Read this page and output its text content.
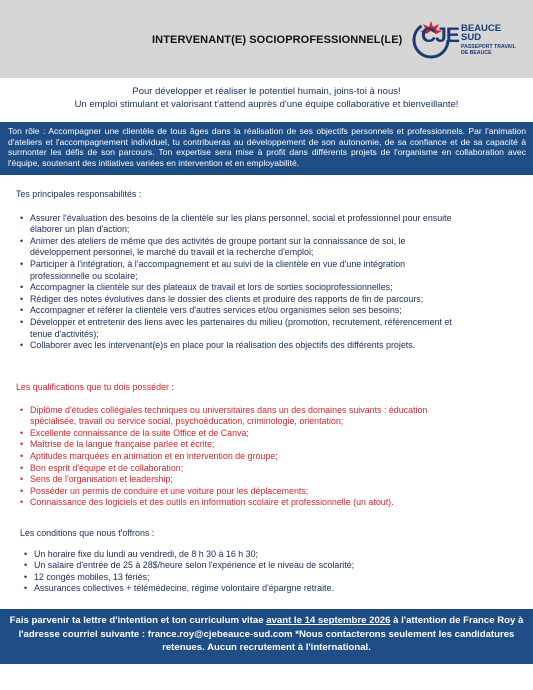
INTERVENANT(E) SOCIOPROFESSIONNEL(LE) CJE BEAUCE
SUD
PASSEPORT TRAVAIL
DE BEAUCE
Pour développer et réaliser le potentiel humain, joins-toi à nous!
Un emploi stimulant et valorisant t'attend auprès d'une équipe collaborative et bienveillante!
Ton rôle : Accompagner une clientèle de tous âges dans la réalisation de ses objectifs personnels et professionnels. Par l'animation d'ateliers et l'accompagnement individuel, tu contribueras au développement de son autonomie, de sa confiance et de sa capacité à surmonter les défis de son parcours. Ton expertise sera mise à profit dans différents projets de l'organisme en collaboration avec l'équipe, soutenant des initiatives variées en intervention et en employabilité.
Tes principales responsabilités :
• Assurer l'évaluation des besoins de la clientèle sur les plans personnel, social et professionnel pour ensuite élaborer un plan d'action;
• Animer des ateliers de même que des activités de groupe portant sur la connaissance de soi, le développement personnel, le marché du travail et la recherche d'emploi;
• Participer à l'intégration, à l'accompagnement et au suivi de la clientèle en vue d'une intégration professionnelle ou scolaire;
• Accompagner la clientèle sur des plateaux de travail et lors de sorties socioprofessionnelles;
• Rédiger des notes évolutives dans le dossier des clients et produire des rapports de fin de parcours;
• Accompagner et référer la clientèle vers d'autres services et/ou organismes selon ses besoins;
• Développer et entretenir des liens avec les partenaires du milieu (promotion, recrutement, référencement et tenue d'activités);
• Collaborer avec les intervenant(e)s en place pour la réalisation des objectifs des différents projets.
Les qualifications que tu dois posséder :
• Diplôme d'études collégiales techniques ou universitaires dans un des domaines suivants : éducation spécialisée, travail ou service social, psychoéducation, criminologie, orientation;
• Excellente connaissance de la suite Office et de Canva;
• Maîtrise de la langue française parlée et écrite;
• Aptitudes marquées en animation et en intervention de groupe;
• Bon esprit d'équipe et de collaboration;
• Sens de l'organisation et leadership;
• Posséder un permis de conduire et une voiture pour les déplacements;
• Connaissance des logiciels et des outils en information scolaire et professionnelle (un atout).
Les conditions que nous t'offrons :
• Un horaire fixe du lundi au vendredi, de 8 h 30 à 16 h 30;
• Un salaire d'entrée de 25 à 28$/heure selon l'expérience et le niveau de scolarité;
• 12 congés mobiles, 13 fériés;
• Assurances collectives + télémédecine, régime volontaire d'épargne retraite.
Fais parvenir ta lettre d'intention et ton curriculum vitae avant le 14 septembre 2026 à l'attention de France Roy à l'adresse courriel suivante : france.roy@cjebeauce-sud.com *Nous contacterons seulement les candidatures retenues. Aucun recrutement à l'international.
